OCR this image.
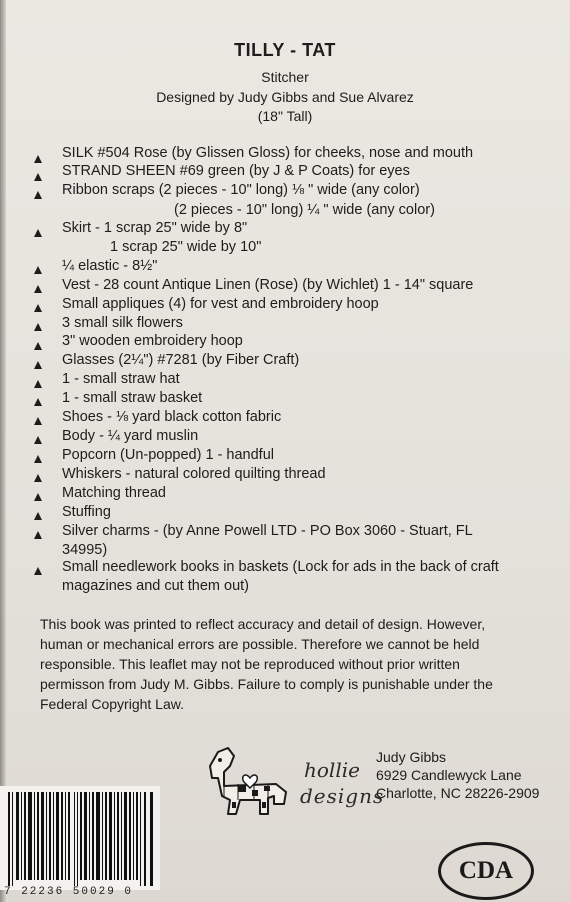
TILLY - TAT
Stitcher
Designed by Judy Gibbs and Sue Alvarez
(18" Tall)
SILK #504 Rose (by Glissen Gloss) for cheeks, nose and mouth
STRAND SHEEN #69 green (by J & P Coats) for eyes
Ribbon scraps (2 pieces - 10" long) ⅛ " wide (any color)
(2 pieces - 10" long) ¼ " wide (any color)
Skirt - 1 scrap 25" wide by 8"
1 scrap 25" wide by 10"
¼ elastic - 8½"
Vest - 28 count Antique Linen (Rose) (by Wichlet) 1 - 14" square
Small appliques (4) for vest and embroidery hoop
3 small silk flowers
3" wooden embroidery hoop
Glasses (2¼") #7281 (by Fiber Craft)
1 - small straw hat
1 - small straw basket
Shoes - ⅛ yard black cotton fabric
Body - ¼ yard muslin
Popcorn (Un-popped) 1 - handful
Whiskers - natural colored quilting thread
Matching thread
Stuffing
Silver charms - (by Anne Powell LTD - PO Box 3060 - Stuart, FL
34995)
Small needlework books in baskets (Lock for ads in the back of craft
magazines and cut them out)
This book was printed to reflect accuracy and detail of design. However,
human or mechanical errors are possible. Therefore we cannot be held
responsible. This leaflet may not be reproduced without prior written
permisson from Judy M. Gibbs. Failure to comply is punishable under the
Federal Copyright Law.
hollie
designs
Judy Gibbs
6929 Candlewyck Lane
Charlotte, NC 28226-2909
7 22236 50029 0
CDA
